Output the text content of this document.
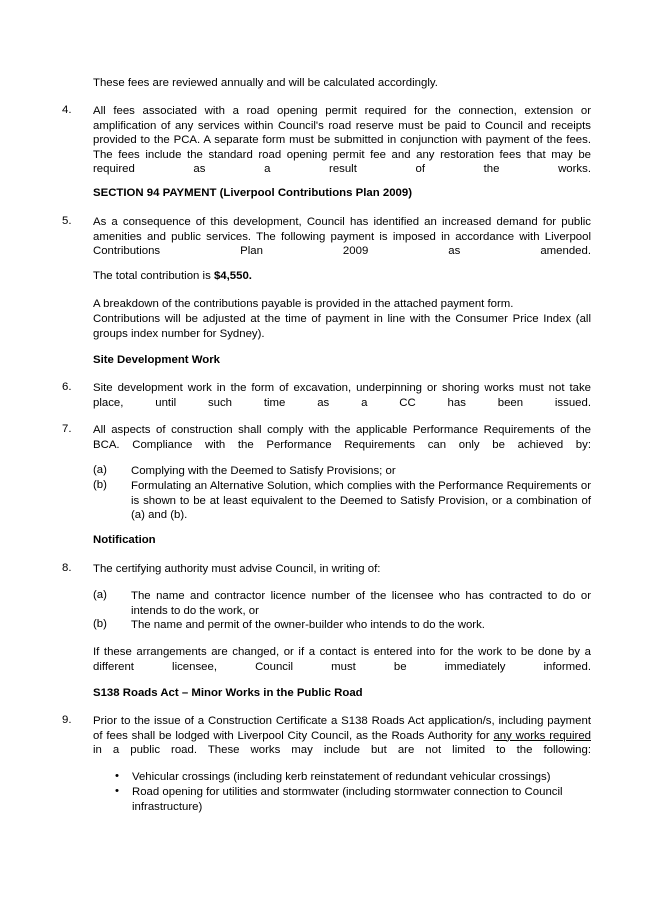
These fees are reviewed annually and will be calculated accordingly.
4. All fees associated with a road opening permit required for the connection, extension or amplification of any services within Council's road reserve must be paid to Council and receipts provided to the PCA. A separate form must be submitted in conjunction with payment of the fees. The fees include the standard road opening permit fee and any restoration fees that may be required as a result of the works.
SECTION 94 PAYMENT (Liverpool Contributions Plan 2009)
5. As a consequence of this development, Council has identified an increased demand for public amenities and public services. The following payment is imposed in accordance with Liverpool Contributions Plan 2009 as amended.
The total contribution is $4,550.
A breakdown of the contributions payable is provided in the attached payment form.
Contributions will be adjusted at the time of payment in line with the Consumer Price Index (all groups index number for Sydney).
Site Development Work
6. Site development work in the form of excavation, underpinning or shoring works must not take place, until such time as a CC has been issued.
7. All aspects of construction shall comply with the applicable Performance Requirements of the BCA. Compliance with the Performance Requirements can only be achieved by:
(a) Complying with the Deemed to Satisfy Provisions; or
(b) Formulating an Alternative Solution, which complies with the Performance Requirements or is shown to be at least equivalent to the Deemed to Satisfy Provision, or a combination of (a) and (b).
Notification
8. The certifying authority must advise Council, in writing of:
(a) The name and contractor licence number of the licensee who has contracted to do or intends to do the work, or
(b) The name and permit of the owner-builder who intends to do the work.
If these arrangements are changed, or if a contact is entered into for the work to be done by a different licensee, Council must be immediately informed.
S138 Roads Act – Minor Works in the Public Road
9. Prior to the issue of a Construction Certificate a S138 Roads Act application/s, including payment of fees shall be lodged with Liverpool City Council, as the Roads Authority for any works required in a public road. These works may include but are not limited to the following:
• Vehicular crossings (including kerb reinstatement of redundant vehicular crossings)
• Road opening for utilities and stormwater (including stormwater connection to Council infrastructure)
